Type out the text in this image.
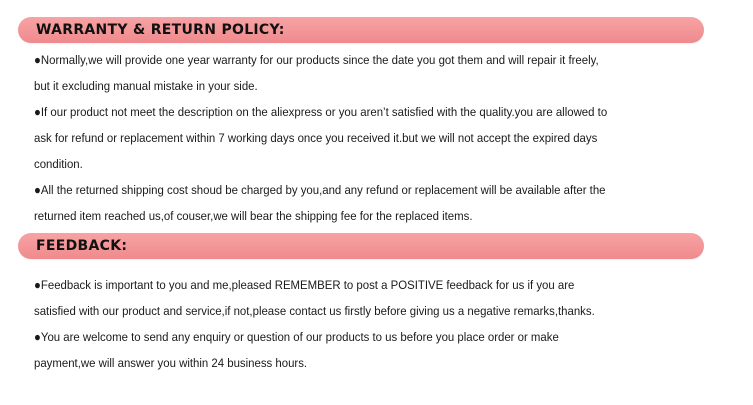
WARRANTY & RETURN POLICY:

●Normally,we will provide one year warranty for our products since the date you got them and will repair it freely,
but it excluding manual mistake in your side.

●If our product not meet the description on the aliexpress or you aren’t satisfied with the quality.you are allowed to
ask for refund or replacement within 7 working days once you received it.but we will not accept the expired days
condition.

●All the returned shipping cost shoud be charged by you,and any refund or replacement will be available after the
returned item reached us,of couser,we will bear the shipping fee for the replaced items.

FEEDBACK:

●Feedback is important to you and me,pleased REMEMBER to post a POSITIVE feedback for us if you are
satisfied with our product and service,if not,please contact us firstly before giving us a negative remarks,thanks.

●You are welcome to send any enquiry or question of our products to us before you place order or make
payment,we will answer you within 24 business hours.
